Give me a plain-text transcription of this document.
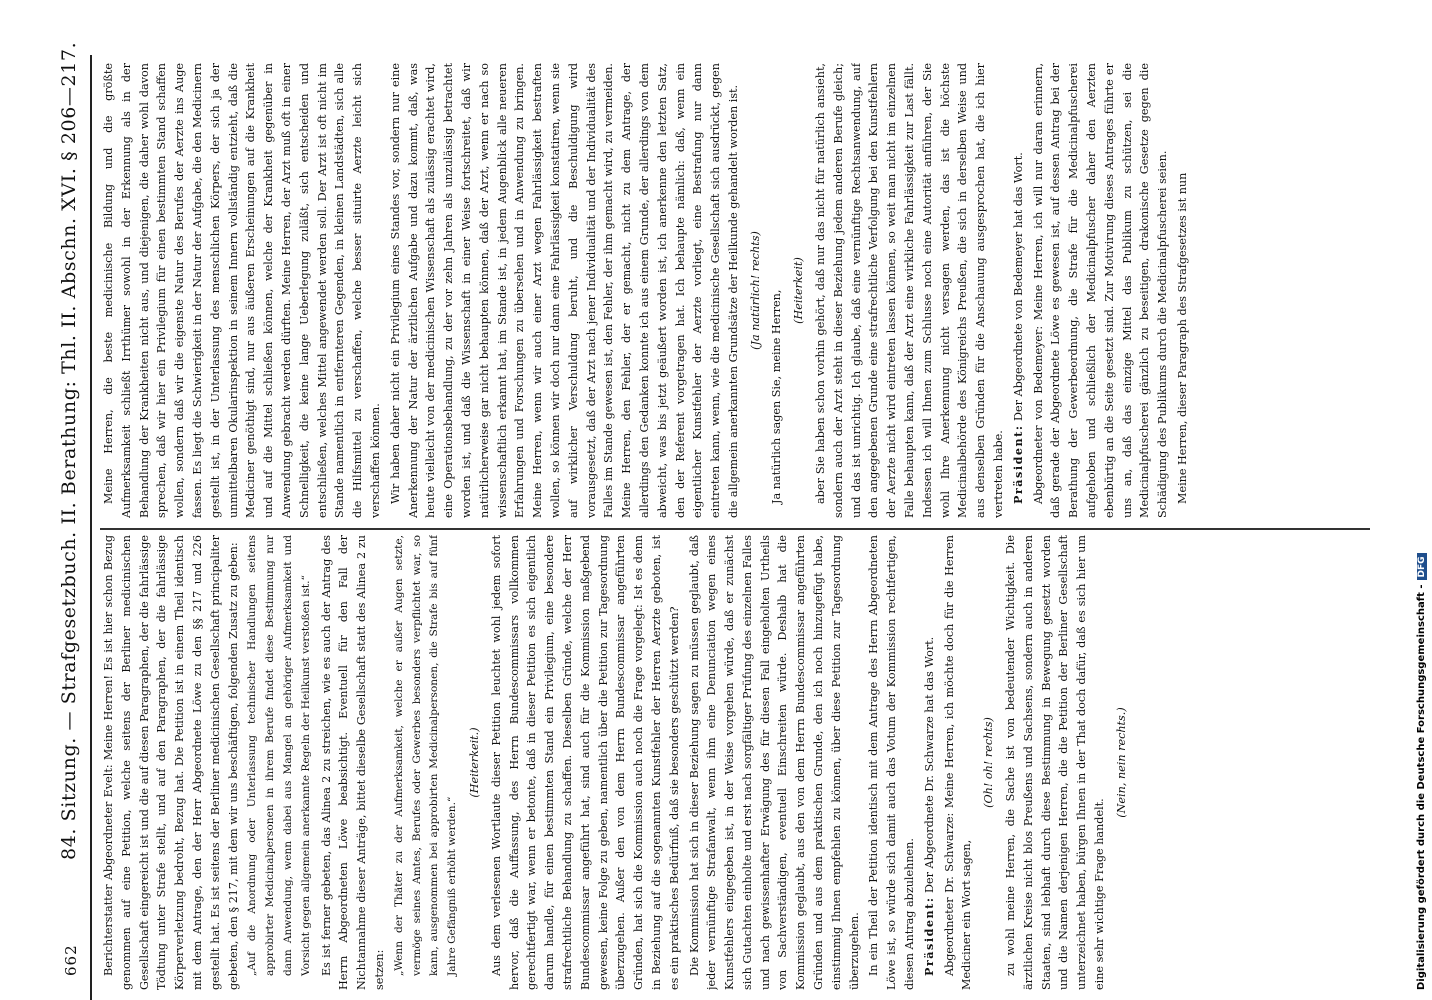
662
84. Sitzung. — Strafgesetzbuch. II. Berathung: Thl. II. Abschn. XVI. § 206—217. Berichterstatter Abgeordneter Evelt: Meine Herren! Es ist hier schon Bezug genommen auf eine Petition, welche seitens der Berliner medicinischen Gesellschaft eingereicht ist und die auf diesen Paragraphen, der die fahrlässige Tödtung unter Strafe stellt, und auf den Paragraphen, der die fahrlässige Körperverletzung bedroht, Bezug hat. Die Petition ist in einem Theil identisch mit dem Antrage, den der Herr Abgeordnete Löwe zu den §§ 217 und 226 gestellt hat. Es ist seitens der Berliner medicinischen Gesellschaft principaliter gebeten, den § 217, mit dem wir uns beschäftigen, folgenden Zusatz zu geben: „Auf die Anordnung oder Unterlassung technischer Handlungen seitens approbirter Medicinalpersonen in ihrem Berufe findet diese Bestimmung nur dann Anwendung, wenn dabei aus Mangel an gehöriger Aufmerksamkeit und Vorsicht gegen allgemein anerkannte Regeln der Heilkunst verstoßen ist.“ Es ist ferner gebeten, das Alinea 2 zu streichen, wie es auch der Antrag des Herrn Abgeordneten Löwe beabsichtigt. Eventuell für den Fall der Nichtannahme dieser Anträge, bittet dieselbe Gesellschaft statt des Alinea 2 zu setzen: „Wenn der Thäter zu der Aufmerksamkeit, welche er außer Augen setzte, vermöge seines Amtes, Berufes oder Gewerbes besonders verpflichtet war, so kann, ausgenommen bei approbirten Medicinalpersonen, die Strafe bis auf fünf Jahre Gefängniß erhöht werden.“

(Heiterkeit.) Aus dem verlesenen Wortlaute dieser Petition leuchtet wohl jedem sofort hervor, daß die Auffassung, des Herrn Bundescommissars vollkommen gerechtfertigt war, wenn er betonte, daß in dieser Petition es sich eigentlich darum handle, für einen bestimmten Stand ein Privilegium, eine besondere strafrechtliche Behandlung zu schaffen. Dieselben Gründe, welche der Herr Bundescommissar angeführt hat, sind auch für die Kommission maßgebend gewesen, keine Folge zu geben, namentlich über die Petition zur Tagesordnung überzugehen. Außer den von dem Herrn Bundescommissar angeführten Gründen, hat sich die Kommission auch noch die Frage vorgelegt: Ist es denn in Beziehung auf die sogenannten Kunstfehler der Herren Aerzte geboten, ist es ein praktisches Bedürfniß, daß sie besonders geschützt werden? Die Kommission hat sich in dieser Beziehung sagen zu müssen geglaubt, daß jeder vernünftige Strafanwalt, wenn ihm eine Denunciation wegen eines Kunstfehlers eingegeben ist, in der Weise vorgehen würde, daß er zunächst sich Gutachten einholte und erst nach sorgfältiger Prüfung des einzelnen Falles und nach gewissenhafter Erwägung des für diesen Fall eingeholten Urtheils von Sachverständigen, eventuell Einschreiten würde. Deshalb hat die Kommission geglaubt, aus den von dem Herrn Bundescommissar angeführten Gründen und aus dem praktischen Grunde, den ich noch hinzugefügt habe, einstimmig Ihnen empfehlen zu können, über diese Petition zur Tagesordnung überzugehen. In ein Theil der Petition identisch mit dem Antrage des Herrn Abgeordneten Löwe ist, so würde sich damit auch das Votum der Kommission rechtfertigen, diesen Antrag abzulehnen. Präsident: Der Abgeordnete Dr. Schwarze hat das Wort. Abgeordneter Dr. Schwarze: Meine Herren, ich möchte doch für die Herren Mediciner ein Wort sagen,

(Oh! oh! rechts) zu wohl meine Herren, die Sache ist von bedeutender Wichtigkeit. Die ärztlichen Kreise nicht blos Preußens und Sachsens, sondern auch in anderen Staaten, sind lebhaft durch diese Bestimmung in Bewegung gesetzt worden und die Namen derjenigen Herren, die die Petition der Berliner Gesellschaft unterzeichnet haben, bürgen Ihnen in der That doch dafür, daß es sich hier um eine sehr wichtige Frage handelt.

(Nein, nein rechts.)

Meine Herren, die beste medicinische Bildung und die größte Aufmerksamkeit schließt Irrthümer sowohl in der Erkennung als in der Behandlung der Krankheiten nicht aus, und diejenigen, die daher wohl davon sprechen, daß wir hier ein Privilegium für einen bestimmten Stand schaffen wollen, sondern daß wir die eigenste Natur des Berufes der Aerzte ins Auge fassen. Es liegt die Schwierigkeit in der Natur der Aufgabe, die den Medicinern gestellt ist, in der Unterlassung des menschlichen Körpers, der sich ja der unmittelbaren Okularinspektion in seinem Innern vollständig entzieht, daß die Mediciner genöthigt sind, nur aus äußeren Erscheinungen auf die Krankheit und auf die Mittel schließen können, welche der Krankheit gegenüber in Anwendung gebracht werden dürften. Meine Herren, der Arzt muß oft in einer Schnelligkeit, die keine lange Ueberlegung zuläßt, sich entscheiden und entschließen, welches Mittel angewendet werden soll. Der Arzt ist oft nicht im Stande namentlich in entfernteren Gegenden, in kleinen Landstädten, sich alle die Hilfsmittel zu verschaffen, welche besser situirte Aerzte leicht sich verschaffen können. Wir haben daher nicht ein Privilegium eines Standes vor, sondern nur eine Anerkennung der Natur der ärztlichen Aufgabe und dazu kommt, daß, was heute vielleicht von der medicinischen Wissenschaft als zulässig erachtet wird, eine Operationsbehandlung, zu der vor zehn Jahren als unzulässig betrachtet worden ist, und daß die Wissenschaft in einer Weise fortschreitet, daß wir natürlicherweise gar nicht behaupten können, daß der Arzt, wenn er nach so wissenschaftlich erkannt hat, im Stande ist, in jedem Augenblick alle neueren Erfahrungen und Forschungen zu übersehen und in Anwendung zu bringen. Meine Herren, wenn wir auch einer Arzt wegen Fahrlässigkeit bestraften wollen, so können wir doch nur dann eine Fahrlässigkeit konstatiren, wenn sie auf wirklicher Verschuldung beruht, und die Beschuldigung wird vorausgesetzt, daß der Arzt nach jener Individualität und der Individualität des Falles im Stande gewesen ist, den Fehler, der ihm gemacht wird, zu vermeiden. Meine Herren, den Fehler, der er gemacht, nicht zu dem Antrage, der allerdings den Gedanken konnte ich aus einem Grunde, der allerdings von dem abweicht, was bis jetzt geäußert worden ist, ich anerkenne den letzten Satz, den der Referent vorgetragen hat. Ich behaupte nämlich: daß, wenn ein eigentlicher Kunstfehler der Aerzte vorliegt, eine Bestrafung nur dann eintreten kann, wenn, wie die medicinische Gesellschaft sich ausdrückt, gegen die allgemein anerkannten Grundsätze der Heilkunde gehandelt worden ist. (Ja natürlich! rechts) Ja natürlich sagen Sie, meine Herren, (Heiterkeit) aber Sie haben schon vorhin gehört, daß nur das nicht für natürlich ansieht, sondern auch der Arzt steht in dieser Beziehung jedem anderen Berufe gleich; und das ist unrichtig. Ich glaube, daß eine vernünftige Rechtsanwendung, auf den angegebenen Grunde eine strafrechtliche Verfolgung bei den Kunstfehlern der Aerzte nicht wird eintreten lassen können, so weit man nicht im einzelnen Falle behaupten kann, daß der Arzt eine wirkliche Fahrlässigkeit zur Last fällt. Indessen ich will Ihnen zum Schlusse noch eine Autorität anführen, der Sie wohl Ihre Anerkennung nicht versagen werden, das ist die höchste Medicinalbehörde des Königreichs Preußen, die sich in derselben Weise und aus denselben Gründen für die Anschauung ausgesprochen hat, die ich hier vertreten habe. Präsident: Der Abgeordnete von Bedemeyer hat das Wort. Abgeordneter von Bedemeyer: Meine Herren, ich will nur daran erinnern, daß gerade der Abgeordnete Löwe es gewesen ist, auf dessen Antrag bei der Berathung der Gewerbeordnung, die Strafe für die Medicinalpfuscherei aufgehoben und schließlich der Medicinalpfuscher daher den Aerzten ebenbürtig an die Seite gesetzt sind. Zur Motivirung dieses Antrages führte er uns an, daß das einzige Mittel das Publikum zu schützen, sei die Medicinalpfuscherei gänzlich zu beseitigen, drakonische Gesetze gegen die Schädigung des Publikums durch die Medicinalpfuscherei seien. Meine Herren, dieser Paragraph des Strafgesetzes ist nun

Digitalisierung gefördert durch die Deutsche Forschungsgemeinschaft -DFG
